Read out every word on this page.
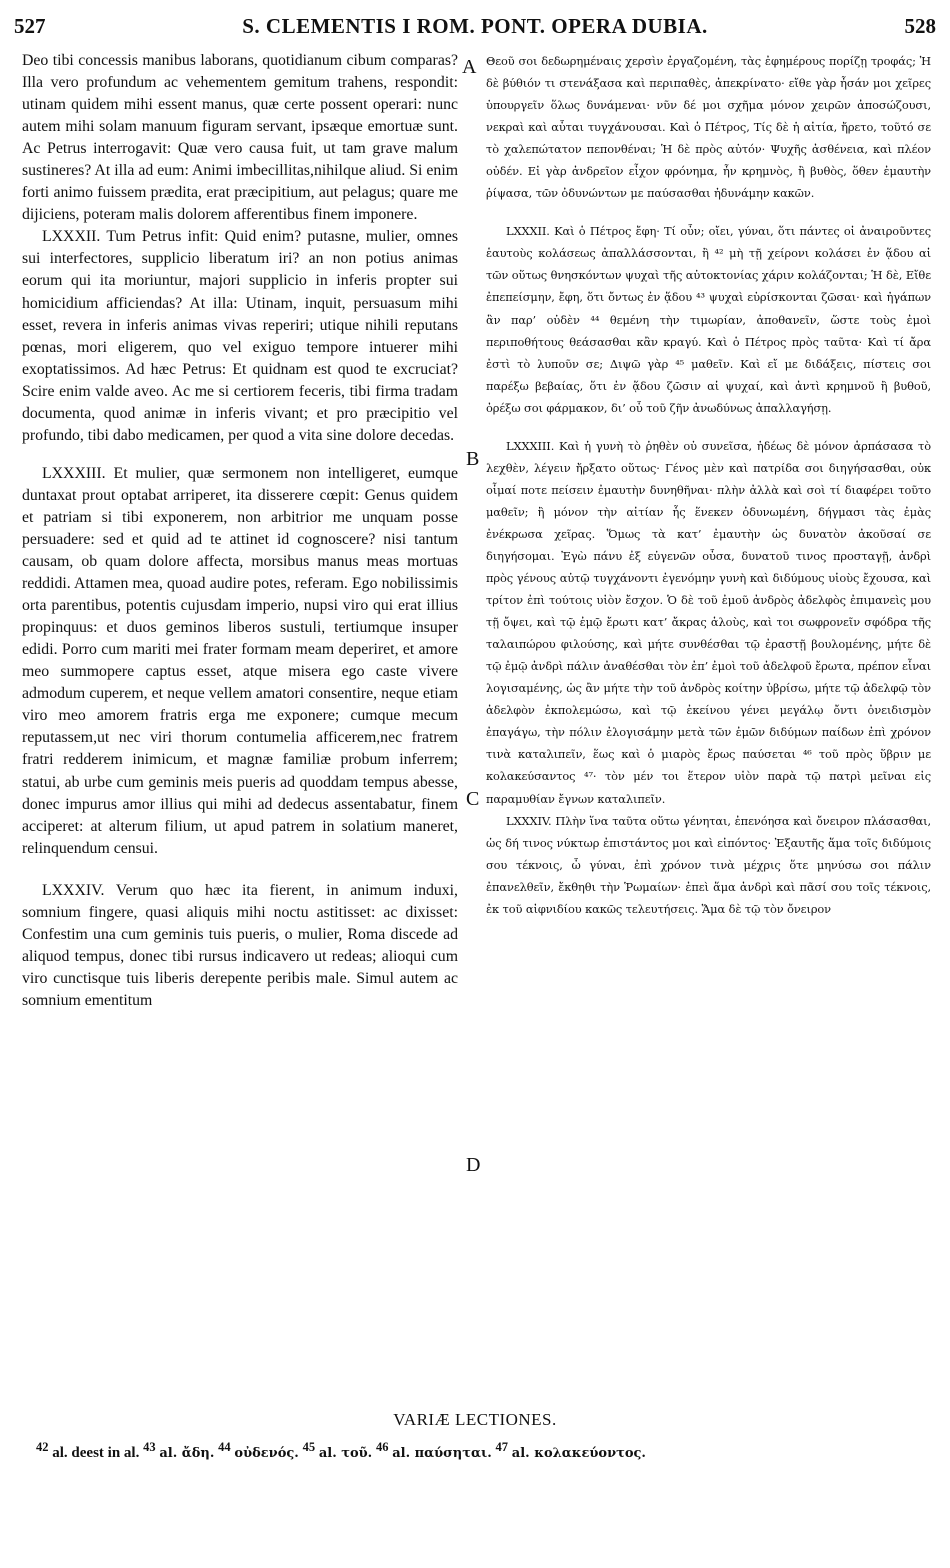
527	S. CLEMENTIS I ROM. PONT. OPERA DUBIA.	528

Deo tibi concessis manibus laborans, quotidianum cibum comparas? Illa vero profundum ac vehementem gemitum trahens, respondit: utinam quidem mihi essent manus, quæ certe possent operari: nunc autem mihi solam manuum figuram servant, ipsæque emortuæ sunt. Ac Petrus interrogavit: Quæ vero causa fuit, ut tam grave malum sustineres? At illa ad eum: Animi imbecillitas,nihilque aliud. Si enim forti animo fuissem prædita, erat præcipitium, aut pelagus; quare me dijiciens, poteram malis dolorem afferentibus finem imponere.

LXXXII. Tum Petrus infit: Quid enim? putasne, mulier, omnes sui interfectores, supplicio liberatum iri? an non potius animas eorum qui ita moriuntur, majori supplicio in inferis propter sui homicidium afficiendas? At illa: Utinam, inquit, persuasum mihi esset, revera in inferis animas vivas reperiri; utique nihili reputans pœnas, mori eligerem, quo vel exiguo tempore intuerer mihi exoptatissimos. Ad hæc Petrus: Et quidnam est quod te excruciat? Scire enim valde aveo. Ac me si certiorem feceris, tibi firma tradam documenta, quod animæ in inferis vivant; et pro præcipitio vel profundo, tibi dabo medicamen, per quod a vita sine dolore decedas.

LXXXIII. Et mulier, quæ sermonem non intelligeret, eumque duntaxat prout optabat arriperet, ita disserere cœpit: Genus quidem et patriam si tibi exponerem, non arbitrior me unquam posse persuadere: sed et quid ad te attinet id cognoscere? nisi tantum causam, ob quam dolore affecta, morsibus manus meas mortuas reddidi. Attamen mea, quoad audire potes, referam. Ego nobilissimis orta parentibus, potentis cujusdam imperio, nupsi viro qui erat illius propinquus: et duos geminos liberos sustuli, tertiumque insuper edidi. Porro cum mariti mei frater formam meam deperiret, et amore meo summopere captus esset, atque misera ego caste vivere admodum cuperem, et neque vellem amatori consentire, neque etiam viro meo amorem fratris erga me exponere; cumque mecum reputassem,ut nec viri thorum contumelia afficerem,nec fratrem fratri redderem inimicum, et magnæ familiæ probum inferrem; statui, ab urbe cum geminis meis pueris ad quoddam tempus abesse, donec impurus amor illius qui mihi ad dedecus assentabatur, finem acciperet: at alterum filium, ut apud patrem in solatium maneret, relinquendum censui.

LXXXIV. Verum quo hæc ita fierent, in animum induxi, somnium fingere, quasi aliquis mihi noctu astitisset: ac dixisset: Confestim una cum geminis tuis pueris, o mulier, Roma discede ad aliquod tempus, donec tibi rursus indicavero ut redeas; alioqui cum viro cunctisque tuis liberis derepente peribis male. Simul autem ac somnium ementitum

A
B
C
D

Θεοῦ σοι δεδωρημέναις χερσὶν ἐργαζομένη, τὰς ἐφημέρους πορίζῃ τροφάς; Ἡ δὲ βύθιόν τι στενάξασα καὶ περιπαθὲς, ἀπεκρίνατο· εἴθε γὰρ ἦσάν μοι χεῖρες ὑπουργεῖν ὅλως δυνάμεναι· νῦν δέ μοι σχῆμα μόνον χειρῶν ἀποσώζουσι, νεκραὶ καὶ αὗται τυγχάνουσαι. Καὶ ὁ Πέτρος, Τίς δὲ ἡ αἰτία, ἤρετο, τοῦτό σε τὸ χαλεπώτατον πεπονθέναι; Ἡ δὲ πρὸς αὐτόν· Ψυχῆς ἀσθένεια, καὶ πλέον οὐδέν. Εἰ γὰρ ἀνδρεῖον εἶχον φρόνημα, ἦν κρημνὸς, ἢ βυθὸς, ὅθεν ἐμαυτὴν ῥίψασα, τῶν ὀδυνώντων με παύσασθαι ἠδυνάμην κακῶν.

LXXXII. Καὶ ὁ Πέτρος ἔφη· Τί οὖν; οἴει, γύναι, ὅτι πάντες οἱ ἀναιροῦντες ἑαυτοὺς κολάσεως ἀπαλλάσσονται, ἢ ⁴² μὴ τῇ χείρονι κολάσει ἐν ᾅδου αἱ τῶν οὕτως θνησκόντων ψυχαὶ τῆς αὐτοκτονίας χάριν κολάζονται; Ἡ δὲ, Εἴθε ἐπεπείσμην, ἔφη, ὅτι ὄντως ἐν ᾅδου ⁴³ ψυχαὶ εὑρίσκονται ζῶσαι· καὶ ἠγάπων ἂν παρ’ οὐδὲν ⁴⁴ θεμένη τὴν τιμωρίαν, ἀποθανεῖν, ὥστε τοὺς ἐμοὶ περιποθήτους θεάσασθαι κἂν κραγύ. Καὶ ὁ Πέτρος πρὸς ταῦτα· Καὶ τί ἄρα ἐστὶ τὸ λυποῦν σε; Διψῶ γὰρ ⁴⁵ μαθεῖν. Καὶ εἴ με διδάξεις, πίστεις σοι παρέξω βεβαίας, ὅτι ἐν ᾅδου ζῶσιν αἱ ψυχαί, καὶ ἀντὶ κρημνοῦ ἢ βυθοῦ, ὀρέξω σοι φάρμακον, δι’ οὗ τοῦ ζῆν ἀνωδύνως ἀπαλλαγήσῃ.

LXXXIII. Καὶ ἡ γυνὴ τὸ ῥηθὲν οὐ συνεῖσα, ἡδέως δὲ μόνον ἁρπάσασα τὸ λεχθὲν, λέγειν ἤρξατο οὕτως· Γένος μὲν καὶ πατρίδα σοι διηγήσασθαι, οὐκ οἶμαί ποτε πείσειν ἐμαυτὴν δυνηθῆναι· πλὴν ἀλλὰ καὶ σοὶ τί διαφέρει τοῦτο μαθεῖν; ἢ μόνον τὴν αἰτίαν ἧς ἕνεκεν ὀδυνωμένη, δήγμασι τὰς ἐμὰς ἐνέκρωσα χεῖρας. Ὅμως τὰ κατ’ ἐμαυτὴν ὡς δυνατὸν ἀκοῦσαί σε διηγήσομαι. Ἐγὼ πάνυ ἐξ εὐγενῶν οὖσα, δυνατοῦ τινος προσταγῇ, ἀνδρὶ πρὸς γένους αὐτῷ τυγχάνοντι ἐγενόμην γυνὴ καὶ διδύμους υἱοὺς ἔχουσα, καὶ τρίτον ἐπὶ τούτοις υἱὸν ἔσχον. Ὁ δὲ τοῦ ἐμοῦ ἀνδρὸς ἀδελφὸς ἐπιμανεὶς μου τῇ ὄψει, καὶ τῷ ἐμῷ ἔρωτι κατ’ ἄκρας ἁλοὺς, καὶ τοι σωφρονεῖν σφόδρα τῆς ταλαιπώρου φιλούσης, καὶ μήτε συνθέσθαι τῷ ἐραστῇ βουλομένης, μήτε δὲ τῷ ἐμῷ ἀνδρὶ πάλιν ἀναθέσθαι τὸν ἐπ’ ἐμοὶ τοῦ ἀδελφοῦ ἔρωτα, πρέπον εἶναι λογισαμένης, ὡς ἂν μήτε τὴν τοῦ ἀνδρὸς κοίτην ὑβρίσω, μήτε τῷ ἀδελφῷ τὸν ἀδελφὸν ἐκπολεμώσω, καὶ τῷ ἐκείνου γένει μεγάλῳ ὄντι ὀνειδισμὸν ἐπαγάγω, τὴν πόλιν ἐλογισάμην μετὰ τῶν ἐμῶν διδύμων παίδων ἐπὶ χρόνον τινὰ καταλιπεῖν, ἕως καὶ ὁ μιαρὸς ἔρως παύσεται ⁴⁶ τοῦ πρὸς ὕβριν με κολακεύσαντος ⁴⁷· τὸν μέν τοι ἕτερον υἱὸν παρὰ τῷ πατρὶ μεῖναι εἰς παραμυθίαν ἔγνων καταλιπεῖν.

LXXXIV. Πλὴν ἵνα ταῦτα οὕτω γένηται, ἐπενόησα καὶ ὄνειρον πλάσασθαι, ὡς δή τινος νύκτωρ ἐπιστάντος μοι καὶ εἰπόντος· Ἐξαυτῆς ἅμα τοῖς διδύμοις σου τέκνοις, ὦ γύναι, ἐπὶ χρόνον τινὰ μέχρις ὅτε μηνύσω σοι πάλιν ἐπανελθεῖν, ἔκθηθι τὴν Ῥωμαίων· ἐπεὶ ἅμα ἀνδρὶ καὶ πᾶσί σου τοῖς τέκνοις, ἐκ τοῦ αἰφνιδίου κακῶς τελευτήσεις. Ἅμα δὲ τῷ τὸν ὄνειρον

VARIÆ LECTIONES.
$^{42}$ al. deest in al. $^{43}$ al. ἄδη. $^{44}$ οὐδενός. $^{45}$ al. τοῦ. $^{46}$ al. παύσηται. $^{47}$ al. κολακεύοντος.
